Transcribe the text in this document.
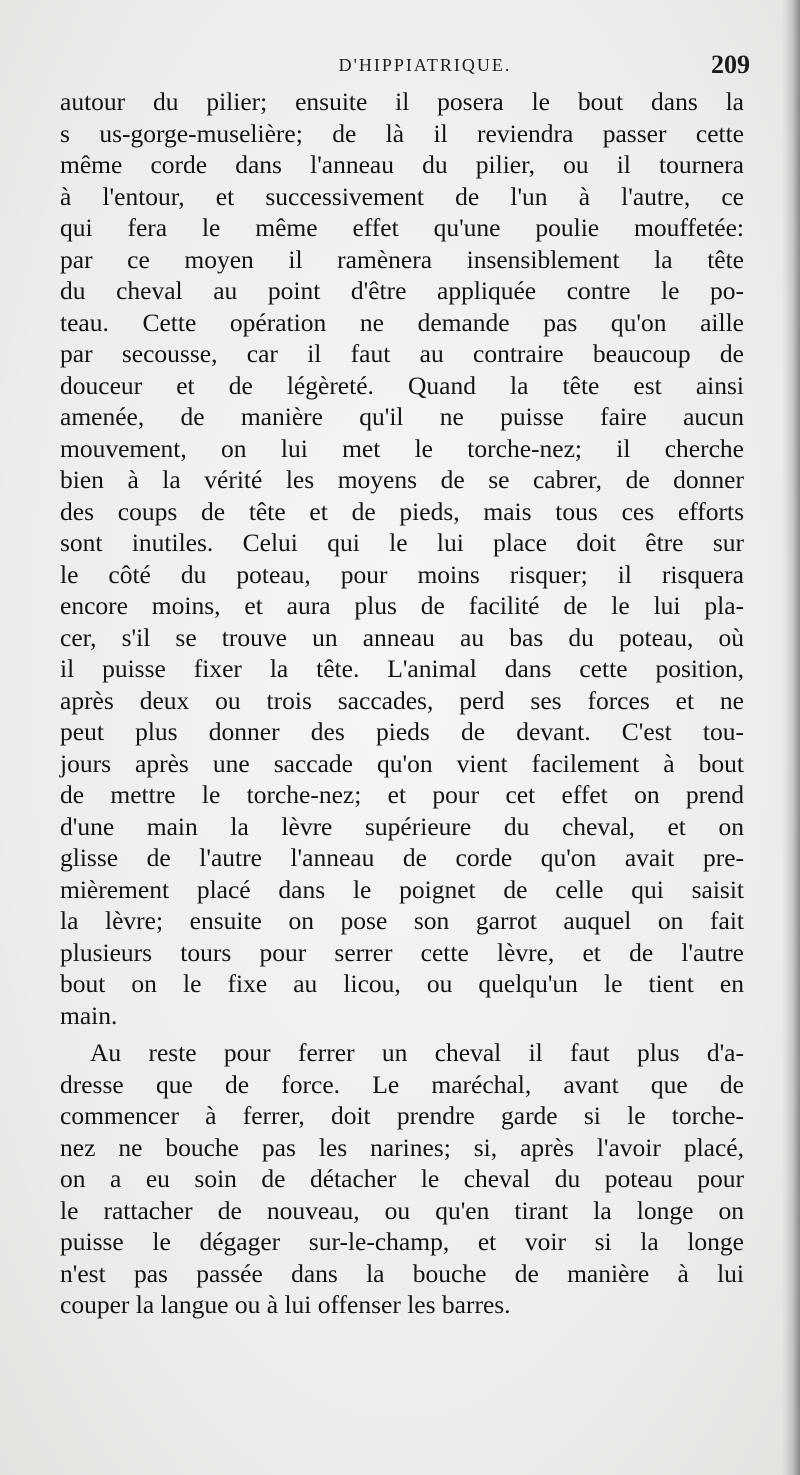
D'HIPPIATRIQUE.	209
autour du pilier; ensuite il posera le bout dans la
s us-gorge-muselière; de là il reviendra passer cette
même corde dans l'anneau du pilier, ou il tournera
à l'entour, et successivement de l'un à l'autre, ce
qui fera le même effet qu'une poulie mouffetée:
par ce moyen il ramènera insensiblement la tête
du cheval au point d'être appliquée contre le po-
teau. Cette opération ne demande pas qu'on aille
par secousse, car il faut au contraire beaucoup de
douceur et de légèreté. Quand la tête est ainsi
amenée, de manière qu'il ne puisse faire aucun
mouvement, on lui met le torche-nez; il cherche
bien à la vérité les moyens de se cabrer, de donner
des coups de tête et de pieds, mais tous ces efforts
sont inutiles. Celui qui le lui place doit être sur
le côté du poteau, pour moins risquer; il risquera
encore moins, et aura plus de facilité de le lui pla-
cer, s'il se trouve un anneau au bas du poteau, où
il puisse fixer la tête. L'animal dans cette position,
après deux ou trois saccades, perd ses forces et ne
peut plus donner des pieds de devant. C'est tou-
jours après une saccade qu'on vient facilement à bout
de mettre le torche-nez; et pour cet effet on prend
d'une main la lèvre supérieure du cheval, et on
glisse de l'autre l'anneau de corde qu'on avait pre-
mièrement placé dans le poignet de celle qui saisit
la lèvre; ensuite on pose son garrot auquel on fait
plusieurs tours pour serrer cette lèvre, et de l'autre
bout on le fixe au licou, ou quelqu'un le tient en
main.
Au reste pour ferrer un cheval il faut plus d'a-
dresse que de force. Le maréchal, avant que de
commencer à ferrer, doit prendre garde si le torche-
nez ne bouche pas les narines; si, après l'avoir placé,
on a eu soin de détacher le cheval du poteau pour
le rattacher de nouveau, ou qu'en tirant la longe on
puisse le dégager sur-le-champ, et voir si la longe
n'est pas passée dans la bouche de manière à lui
couper la langue ou à lui offenser les barres.
